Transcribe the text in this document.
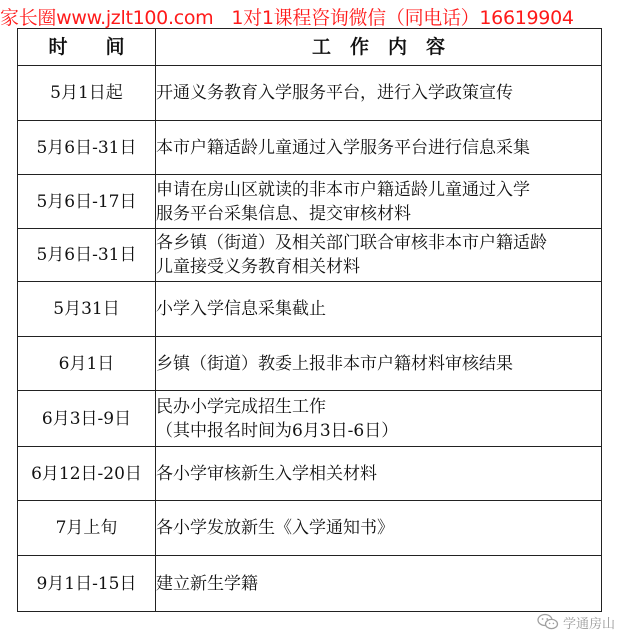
家长圈www.jzlt100.com 1对1课程咨询微信（同电话）16619904
时　　间	工　作　内　容
5月1日起	开通义务教育入学服务平台，进行入学政策宣传
5月6日-31日	本市户籍适龄儿童通过入学服务平台进行信息采集
5月6日-17日	申请在房山区就读的非本市户籍适龄儿童通过入学
服务平台采集信息、提交审核材料
5月6日-31日	各乡镇（街道）及相关部门联合审核非本市户籍适龄
儿童接受义务教育相关材料
5月31日	小学入学信息采集截止
6月1日	乡镇（街道）教委上报非本市户籍材料审核结果
6月3日-9日	民办小学完成招生工作
（其中报名时间为6月3日-6日）
6月12日-20日	各小学审核新生入学相关材料
7月上旬	各小学发放新生《入学通知书》
9月1日-15日	建立新生学籍
学通房山
